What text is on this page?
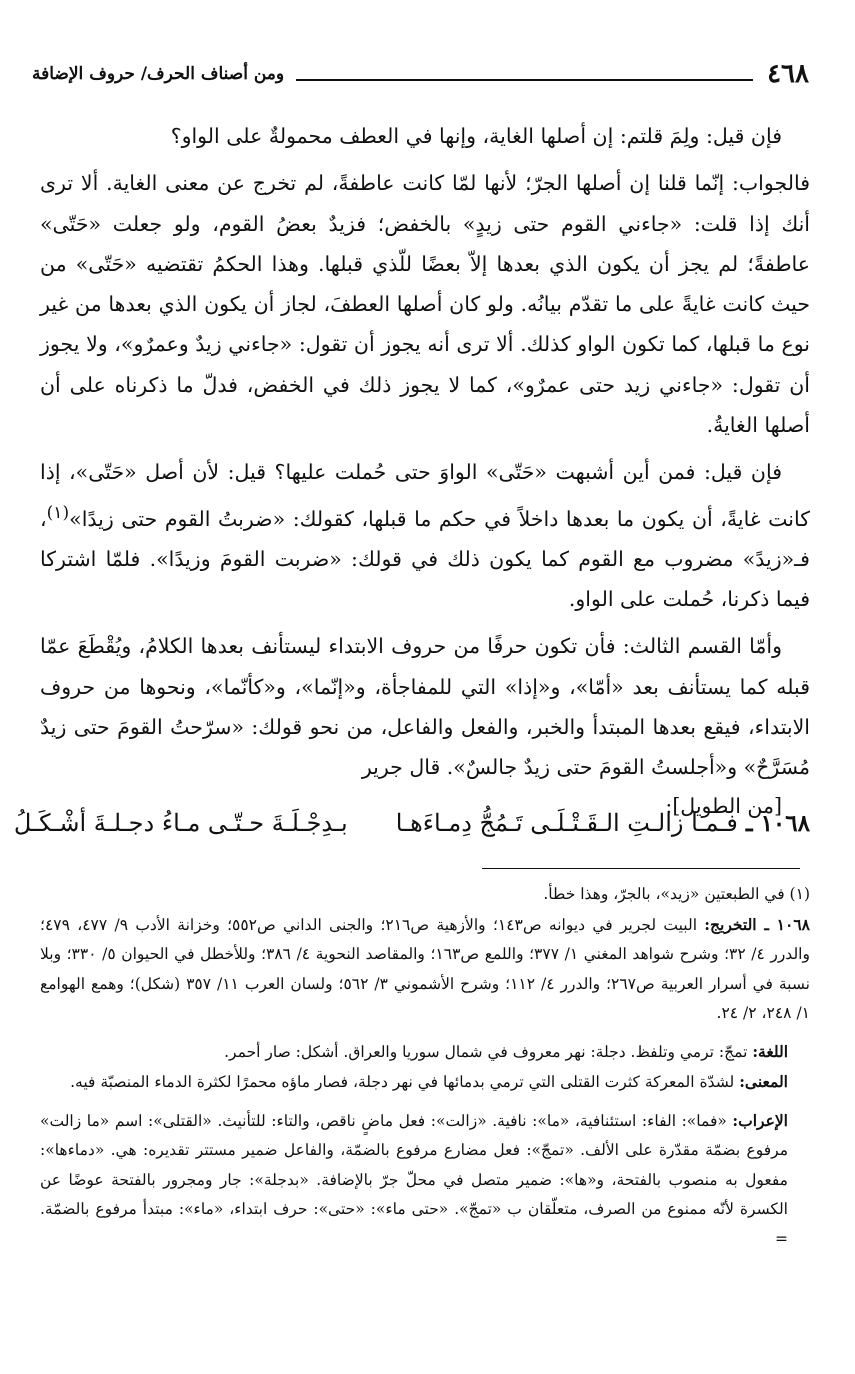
٤٦٨
ومن أصناف الحرف/ حروف الإضافة

فإن قيل: ولِمَ قلتم: إن أصلها الغاية، وإنها في العطف محمولةٌ على الواو؟

فالجواب: إنّما قلنا إن أصلها الجرّ؛ لأنها لمّا كانت عاطفةً، لم تخرج عن معنى الغاية. ألا ترى أنك إذا قلت: «جاءني القوم حتى زيدٍ» بالخفض؛ فزيدٌ بعضُ القوم، ولو جعلت «حَتّى» عاطفةً؛ لم يجز أن يكون الذي بعدها إلاّ بعضًا للّذي قبلها. وهذا الحكمُ تقتضيه «حَتّى» من حيث كانت غايةً على ما تقدّم بيانُه. ولو كان أصلها العطفَ، لجاز أن يكون الذي بعدها من غير نوع ما قبلها، كما تكون الواو كذلك. ألا ترى أنه يجوز أن تقول: «جاءني زيدٌ وعمرٌو»، ولا يجوز أن تقول: «جاءني زيد حتى عمرٌو»، كما لا يجوز ذلك في الخفض، فدلّ ما ذكرناه على أن أصلها الغايةُ.

فإن قيل: فمن أين أشبهت «حَتّى» الواوَ حتى حُملت عليها؟ قيل: لأن أصل «حَتّى»، إذا كانت غايةً، أن يكون ما بعدها داخلاً في حكم ما قبلها، كقولك: «ضربتُ القوم حتى زيدًا»$^{(١)}$، فـ«زيدً» مضروب مع القوم كما يكون ذلك في قولك: «ضربت القومَ وزيدًا». فلمّا اشتركا فيما ذكرنا، حُملت على الواو.

وأمّا القسم الثالث: فأن تكون حرفًا من حروف الابتداء ليستأنف بعدها الكلامُ، ويُقْطَعَ عمّا قبله كما يستأنف بعد «أمّا»، و«إذا» التي للمفاجأة، و«إنّما»، و«كأنّما»، ونحوها من حروف الابتداء، فيقع بعدها المبتدأ والخبر، والفعل والفاعل، من نحو قولك: «سرّحتُ القومَ حتى زيدٌ مُسَرَّحٌ» و«أجلستُ القومَ حتى زيدٌ جالسٌ». قال جرير
[من الطويل]:

١٠٦٨ ـ
فـمـا زالـتِ الـقَـتْـلَـى تَـمُجُّ دِمـاءَهـا
بـدِجْـلَـةَ حـتّـى مـاءُ دجـلـةَ أشْـكَـلُ

(١) في الطبعتين «زيد»، بالجرّ، وهذا خطأ.

١٠٦٨ ـ التخريج: البيت لجرير في ديوانه ص١٤٣؛ والأزهية ص٢١٦؛ والجنى الداني ص٥٥٢؛ وخزانة الأدب ٩/ ٤٧٧، ٤٧٩؛ والدرر ٤/ ٣٢؛ وشرح شواهد المغني ١/ ٣٧٧؛ واللمع ص١٦٣؛ والمقاصد النحوية ٤/ ٣٨٦؛ وللأخطل في الحيوان ٥/ ٣٣٠؛ وبلا نسبة في أسرار العربية ص٢٦٧؛ والدرر ٤/ ١١٢؛ وشرح الأشموني ٣/ ٥٦٢؛ ولسان العرب ١١/ ٣٥٧ (شكل)؛ وهمع الهوامع ١/ ٢٤٨، ٢/ ٢٤.

اللغة: تمجّ: ترمي وتلفظ. دجلة: نهر معروف في شمال سوريا والعراق. أشكل: صار أحمر.

المعنى: لشدّة المعركة كثرت القتلى التي ترمي بدمائها في نهر دجلة، فصار ماؤه محمرًا لكثرة الدماء المنصبّة فيه.

الإعراب: «فما»: الفاء: استئنافية، «ما»: نافية. «زالت»: فعل ماضٍ ناقص، والتاء: للتأنيث. «القتلى»: اسم «ما زالت» مرفوع بضمّة مقدّرة على الألف. «تمجّ»: فعل مضارع مرفوع بالضمّة، والفاعل ضمير مستتر تقديره: هي. «دماءها»: مفعول به منصوب بالفتحة، و«ها»: ضمير متصل في محلّ جرّ بالإضافة. «بدجلة»: جار ومجرور بالفتحة عوضًا عن الكسرة لأنّه ممنوع من الصرف، متعلّقان ب «تمجّ». «حتى ماء»: «حتى»: حرف ابتداء، «ماء»: مبتدأ مرفوع بالضمّة. =
